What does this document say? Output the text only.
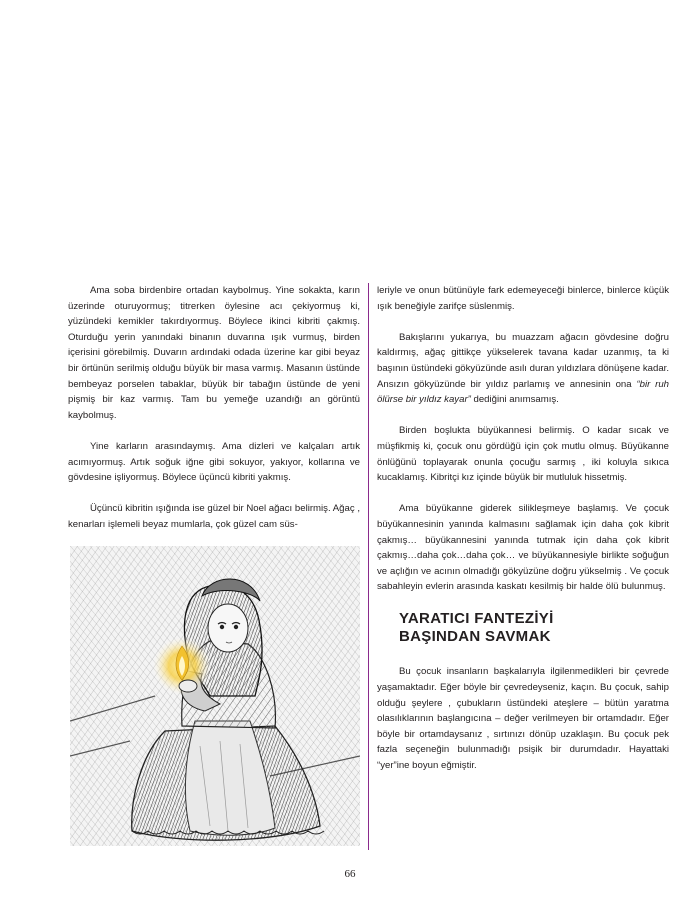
Ama soba birdenbire ortadan kaybolmuş. Yine sokakta, karın üzerinde oturuyormuş; titrerken öylesine acı çekiyormuş ki, yüzündeki kemikler takırdıyormuş. Böylece ikinci kibriti çakmış. Oturduğu yerin yanındaki binanın duvarına ışık vurmuş, birden içerisini görebilmiş. Duvarın ardındaki odada üzerine kar gibi beyaz bir örtünün serilmiş olduğu büyük bir masa varmış. Masanın üstünde bembeyaz porselen tabaklar, büyük bir tabağın üstünde de yeni pişmiş bir kaz varmış. Tam bu yemeğe uzandığı an görüntü kaybolmuş.

Yine karların arasındaymış. Ama dizleri ve kalçaları artık acımıyormuş. Artık soğuk iğne gibi sokuyor, yakıyor, kollarına ve gövdesine işliyormuş. Böylece üçüncü kibriti yakmış.

Üçüncü kibritin ışığında ise güzel bir Noel ağacı belirmiş. Ağaç , kenarları işlemeli beyaz mumlarla, çok güzel cam süs-

leriyle ve onun bütünüyle fark edemeyeceği binlerce, binlerce küçük ışık beneğiyle zarifçe süslenmiş.

Bakışlarını yukarıya, bu muazzam ağacın gövdesine doğru kaldırmış, ağaç gittikçe yükselerek tavana kadar uzanmış, ta ki başının üstündeki gökyüzünde asılı duran yıldızlara dönüşene kadar. Ansızın gökyüzünde bir yıldız parlamış ve annesinin ona “bir ruh ölürse bir yıldız kayar” dediğini anımsamış.

Birden boşlukta büyükannesi belirmiş. O kadar sıcak ve müşfikmiş ki, çocuk onu gördüğü için çok mutlu olmuş. Büyükanne önlüğünü toplayarak onunla çocuğu sarmış , iki koluyla sıkıca kucaklamış. Kibritçi kız içinde büyük bir mutluluk hissetmiş.

Ama büyükanne giderek silikleşmeye başlamış. Ve çocuk büyükannesinin yanında kalmasını sağlamak için daha çok kibrit çakmış… büyükannesini yanında tutmak için daha çok kibrit çakmış…daha çok…daha çok… ve büyükannesiyle birlikte soğuğun ve açlığın ve acının olmadığı gökyüzüne doğru yükselmiş . Ve çocuk sabahleyin evlerin arasında kaskatı kesilmiş bir halde ölü bulunmuş.

YARATICI FANTEZİYİ
BAŞINDAN SAVMAK

Bu çocuk insanların başkalarıyla ilgilenmedikleri bir çevrede yaşamaktadır. Eğer böyle bir çevredeyseniz, kaçın. Bu çocuk, sahip olduğu şeylere , çubukların üstündeki ateşlere – bütün yaratma olasılıklarının başlangıcına – değer verilmeyen bir ortamdadır. Eğer böyle bir ortamdaysanız , sırtınızı dönüp uzaklaşın. Bu çocuk pek fazla seçeneğin bulunmadığı psişik bir durumdadır. Hayattaki “yer”ine boyun eğmiştir.

66
